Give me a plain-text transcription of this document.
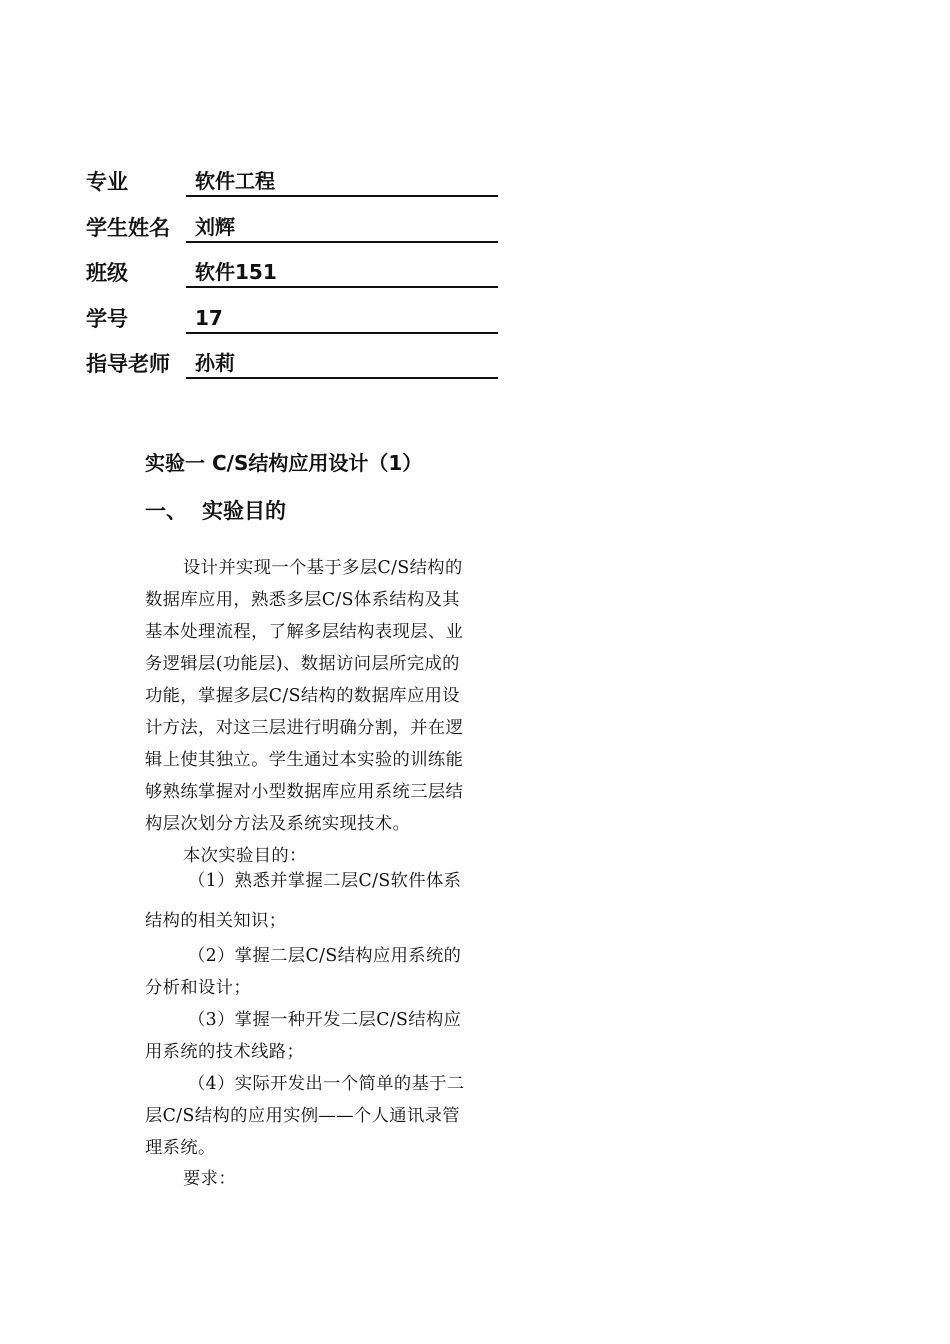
专业	软件工程
学生姓名	刘辉
班级	软件151
学号	17
指导老师	孙莉
实验一 C/S结构应用设计（1）
一、 实验目的
设计并实现一个基于多层C/S结构的
数据库应用，熟悉多层C/S体系结构及其
基本处理流程，了解多层结构表现层、业
务逻辑层(功能层)、数据访问层所完成的
功能，掌握多层C/S结构的数据库应用设
计方法，对这三层进行明确分割，并在逻
辑上使其独立。学生通过本实验的训练能
够熟练掌握对小型数据库应用系统三层结
构层次划分方法及系统实现技术。
本次实验目的：
（1）熟悉并掌握二层C/S软件体系
结构的相关知识；
（2）掌握二层C/S结构应用系统的
分析和设计；
（3）掌握一种开发二层C/S结构应
用系统的技术线路；
（4）实际开发出一个简单的基于二
层C/S结构的应用实例——个人通讯录管
理系统。
要求：
